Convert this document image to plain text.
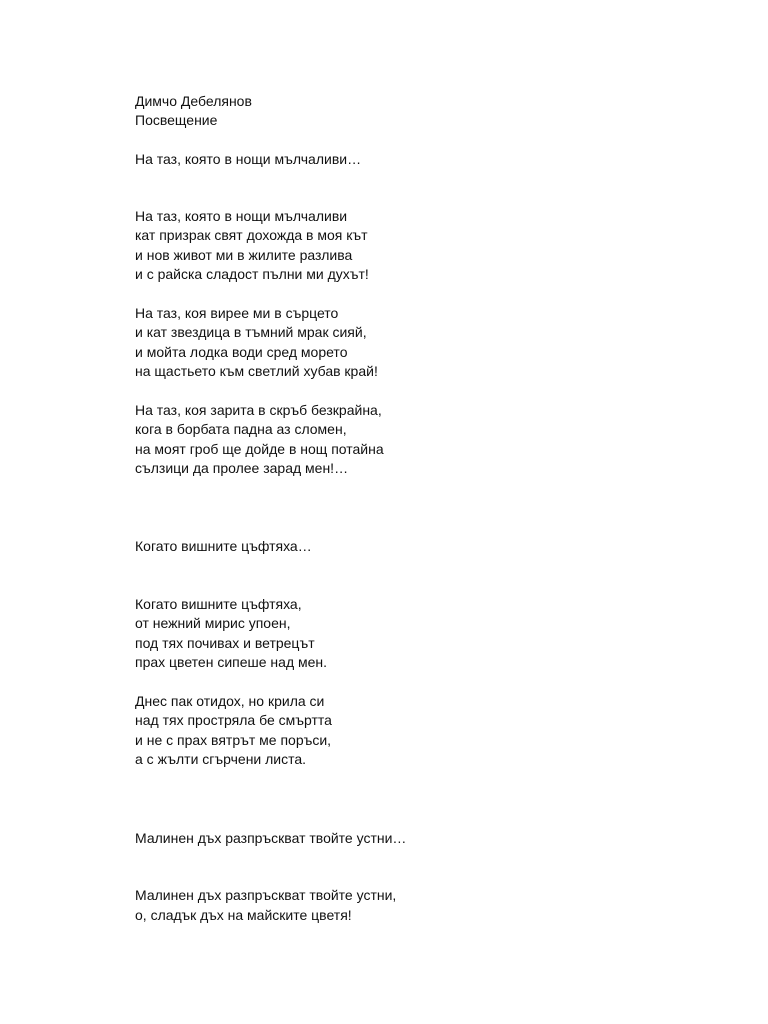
Димчо Дебелянов
Посвещение
На таз, която в нощи мълчаливи…
На таз, която в нощи мълчаливи
кат призрак свят дохожда в моя кът
и нов живот ми в жилите разлива
и с райска сладост пълни ми духът!
На таз, коя вирее ми в сърцето
и кат звездица в тъмний мрак сияй,
и мойта лодка води сред морето
на щастьето към светлий хубав край!
На таз, коя зарита в скръб безкрайна,
кога в борбата падна аз сломен,
на моят гроб ще дойде в нощ потайна
сълзици да пролее зарад мен!…
Когато вишните цъфтяха…
Когато вишните цъфтяха,
от нежний мирис упоен,
под тях почивах и ветрецът
прах цветен сипеше над мен.
Днес пак отидох, но крила си
над тях простряла бе смъртта
и не с прах вятрът ме поръси,
а с жълти сгърчени листа.
Малинен дъх разпръскват твойте устни…
Малинен дъх разпръскват твойте устни,
о, сладък дъх на майските цветя!
